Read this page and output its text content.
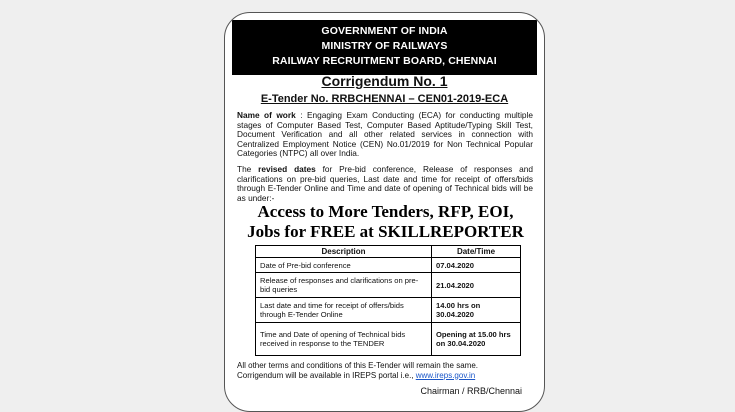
GOVERNMENT OF INDIA
MINISTRY OF RAILWAYS
RAILWAY RECRUITMENT BOARD, CHENNAI
Corrigendum No. 1
E-Tender No. RRBCHENNAI – CEN01-2019-ECA
Name of work : Engaging Exam Conducting (ECA) for conducting multiple stages of Computer Based Test, Computer Based Aptitude/Typing Skill Test, Document Verification and all other related services in connection with Centralized Employment Notice (CEN) No.01/2019 for Non Technical Popular Categories (NTPC) all over India.
The revised dates for Pre-bid conference, Release of responses and clarifications on pre-bid queries, Last date and time for receipt of offers/bids through E-Tender Online and Time and date of opening of Technical bids will be as under:-
Access to More Tenders, RFP, EOI,
Jobs for FREE at SKILLREPORTER
Description	Date/Time
Date of Pre-bid conference	07.04.2020
Release of responses and clarifications on pre-bid queries	21.04.2020
Last date and time for receipt of offers/bids through E-Tender Online	14.00 hrs on 30.04.2020
Time and Date of opening of Technical bids received in response to the TENDER	Opening at 15.00 hrs on 30.04.2020
All other terms and conditions of this E-Tender will remain the same.
Corrigendum will be available in IREPS portal i.e., www.ireps.gov.in
Chairman / RRB/Chennai
